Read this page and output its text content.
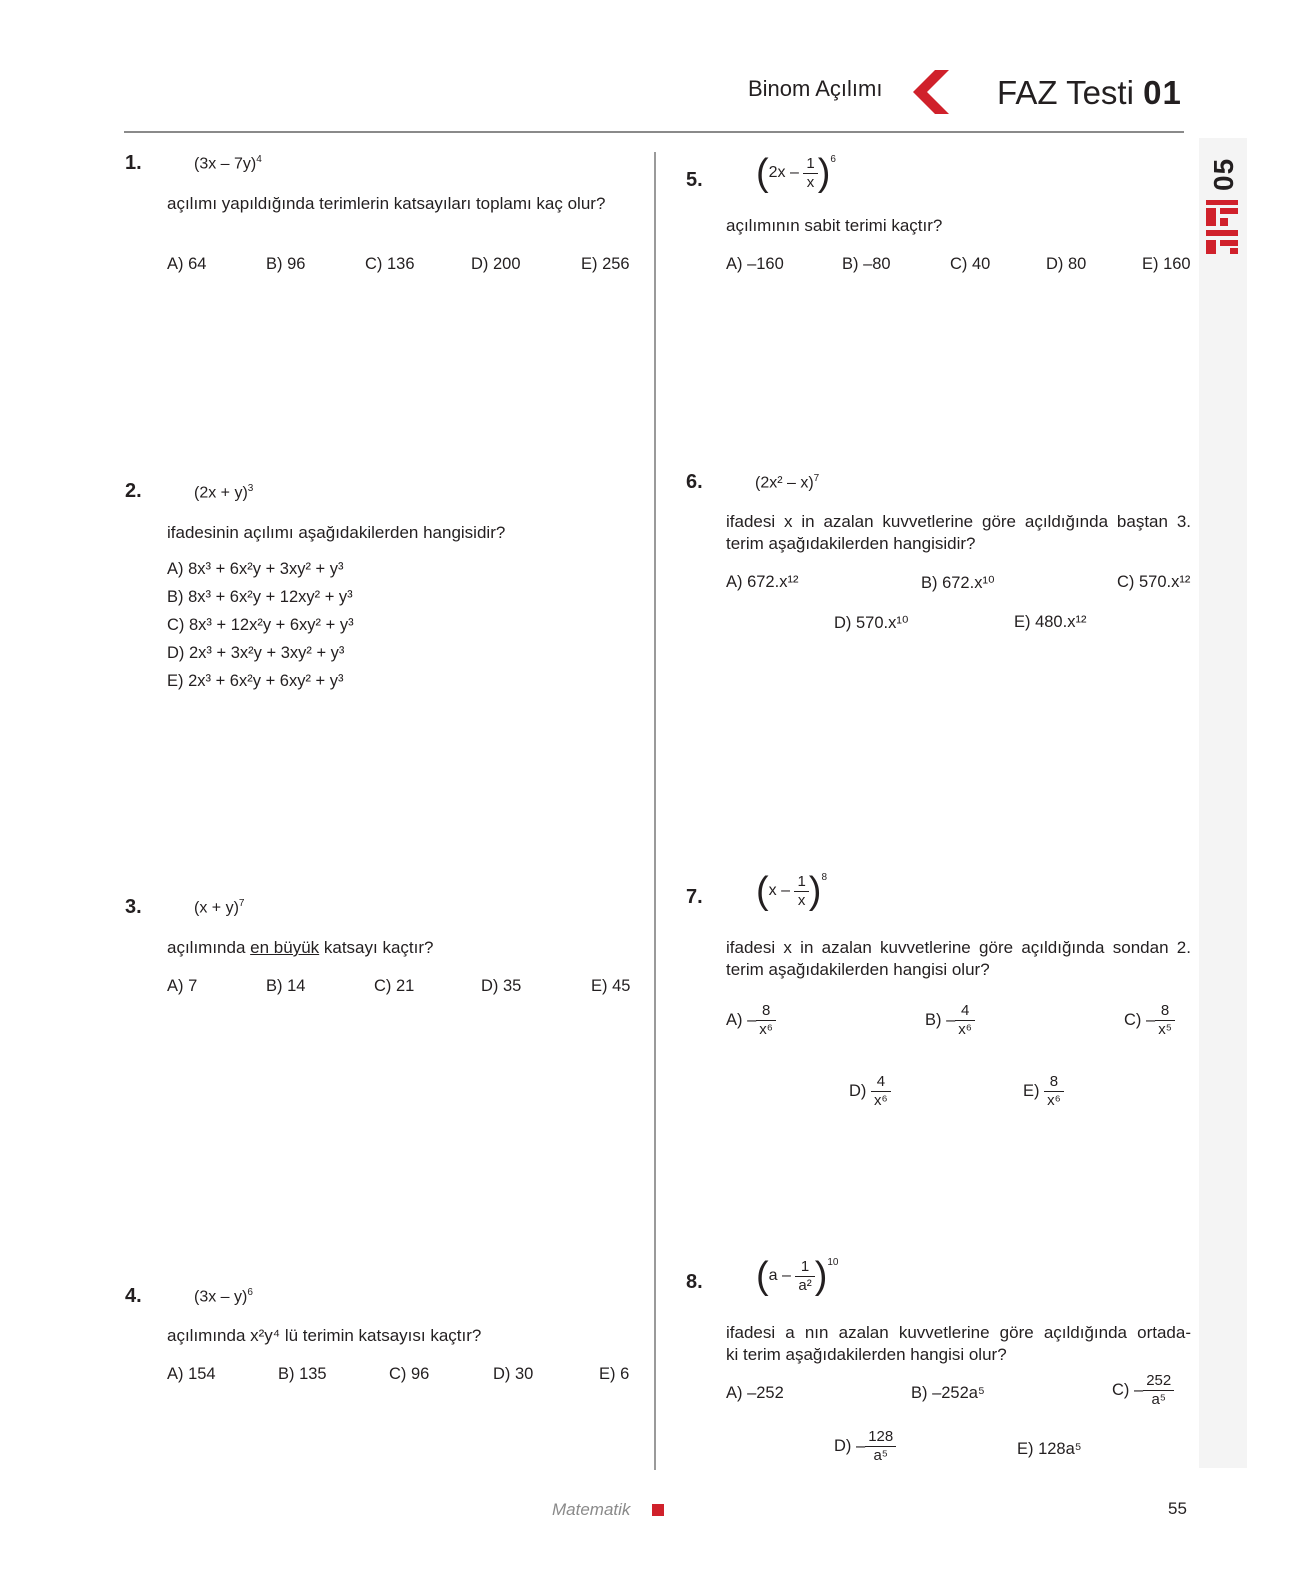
Binom Açılımı	FAZ Testi 01
05
1.	(3x – 7y)$^4$
açılımı yapıldığında terimlerin katsayıları toplamı kaç olur?
A) 64	B) 96	C) 136	D) 200	E) 256
2.	$(2x + y)^3$
ifadesinin açılımı aşağıdakilerden hangisidir?
A) 8x³ + 6x²y + 3xy² + y³
B) 8x³ + 6x²y + 12xy² + y³
C) 8x³ + 12x²y + 6xy² + y³
D) 2x³ + 3x²y + 3xy² + y³
E) 2x³ + 6x²y + 6xy² + y³
3.	$(x + y)^7$
açılımında en büyük katsayı kaçtır?
A) 7	B) 14	C) 21	D) 35	E) 45
4.	(3x – y)$^6$
açılımında x²y⁴ lü terimin katsayısı kaçtır?
A) 154	B) 135	C) 96	D) 30	E) 6
5. $(2x - \frac{1}{x} )^6$
açılımının sabit terimi kaçtır?
A) –160	B) –80	C) 40	D) 80	E) 160
6.	(2x² – x)$^7$
ifadesi x in azalan kuvvetlerine göre açıldığında baştan 3. terim aşağıdakilerden hangisidir?
A) 672.x¹²	B) 672.x¹⁰	C) 570.x¹²
D) 570.x¹⁰	E) 480.x¹²
7. $(x - \frac{1}{x} )^8$
ifadesi x in azalan kuvvetlerine göre açıldığında sondan 2. terim aşağıdakilerden hangisi olur?
$A) - \frac{8}{\text{x⁶}}$	$B) - \frac{4}{\text{x⁶}}$	$C) - \frac{8}{\text{x⁵}}$
$D) \frac{4}{\text{x⁶}}$	$E) \frac{8}{\text{x⁶}}$
8. $(a - \frac{1}{\text{a²}} )^{10}$
ifadesi a nın azalan kuvvetlerine göre açıldığında ortada-
ki terim aşağıdakilerden hangisi olur?
A) –252	B) –252a⁵	$C) - \frac{252}{\text{a⁵}}$
$D) - \frac{128}{\text{a⁵}}$	E) 128a⁵
Matematik	55
